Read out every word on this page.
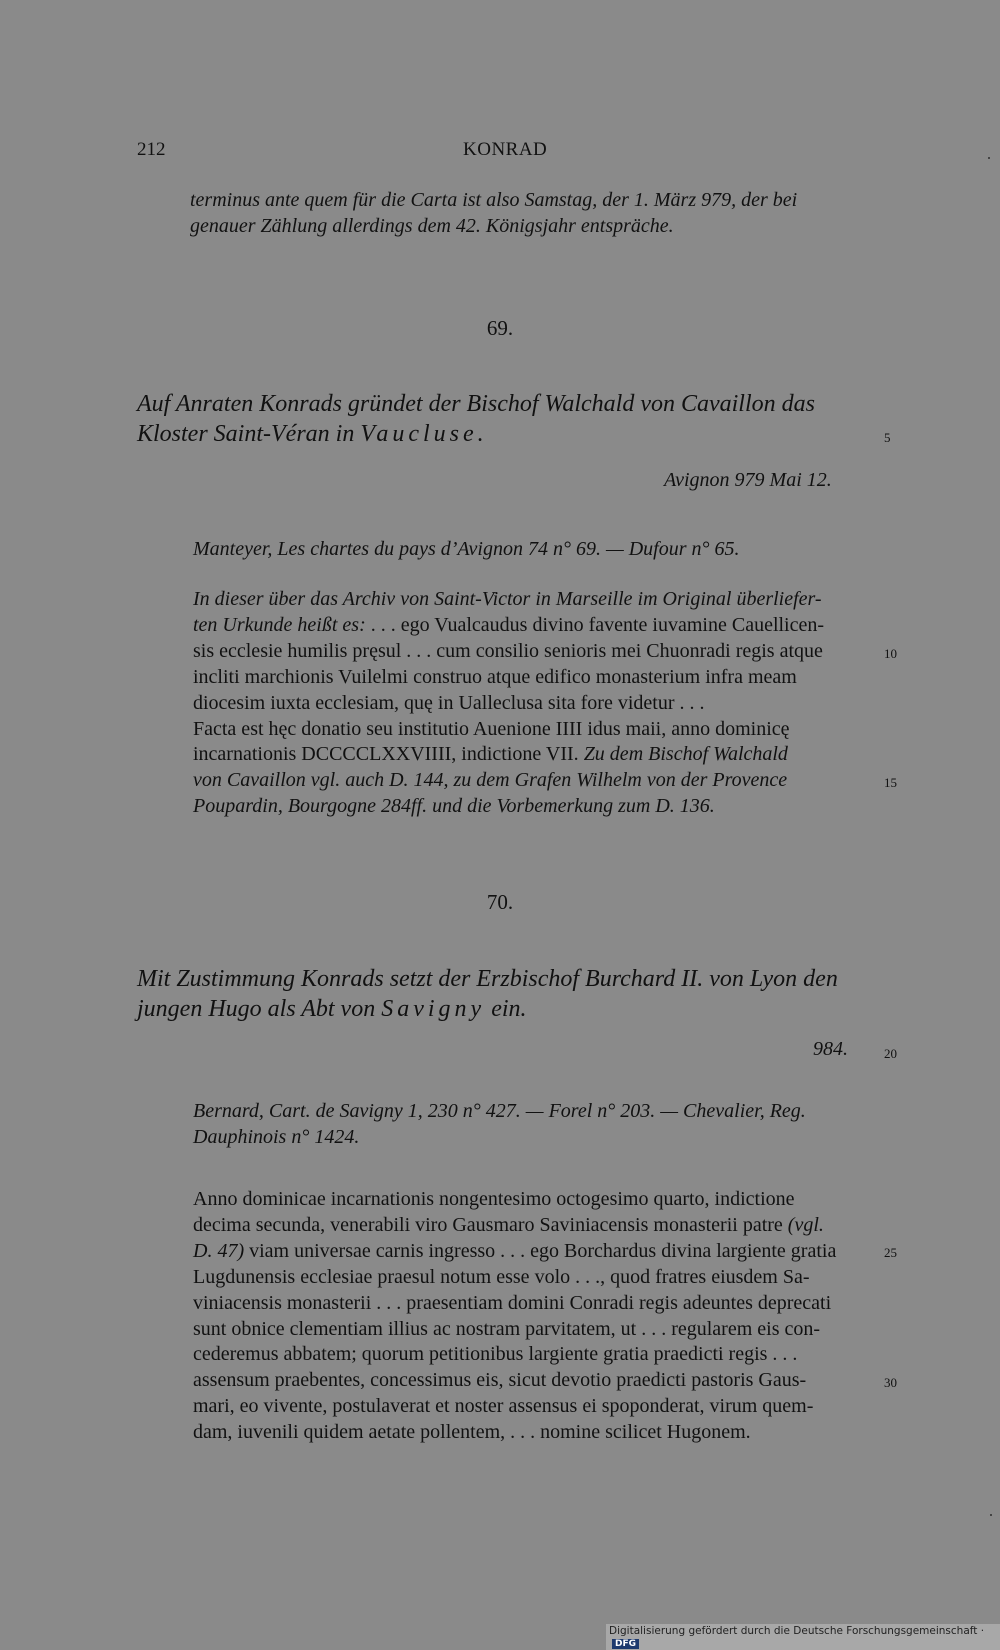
212	KONRAD
terminus ante quem für die Carta ist also Samstag, der 1. März 979, der bei
genauer Zählung allerdings dem 42. Königsjahr entspräche.
69.
Auf Anraten Konrads gründet der Bischof Walchald von Cavaillon das
Kloster Saint-Véran in Vaucluse.
Avignon 979 Mai 12.
Manteyer, Les chartes du pays d’Avignon 74 n° 69. — Dufour n° 65.
In dieser über das Archiv von Saint-Victor in Marseille im Original überliefer-
ten Urkunde heißt es: . . . ego Vualcaudus divino favente iuvamine Cauellicen-
sis ecclesie humilis pręsul . . . cum consilio senioris mei Chuonradi regis atque
incliti marchionis Vuilelmi construo atque edifico monasterium infra meam
diocesim iuxta ecclesiam, quę in Ualleclusa sita fore videtur . . .
Facta est hęc donatio seu institutio Auenione IIII idus maii, anno dominicę
incarnationis DCCCCLXXVIIII, indictione VII. Zu dem Bischof Walchald
von Cavaillon vgl. auch D. 144, zu dem Grafen Wilhelm von der Provence
Poupardin, Bourgogne 284ff. und die Vorbemerkung zum D. 136.
70.
Mit Zustimmung Konrads setzt der Erzbischof Burchard II. von Lyon den
jungen Hugo als Abt von Savigny ein.
984.
Bernard, Cart. de Savigny 1, 230 n° 427. — Forel n° 203. — Chevalier, Reg.
Dauphinois n° 1424.
Anno dominicae incarnationis nongentesimo octogesimo quarto, indictione
decima secunda, venerabili viro Gausmaro Saviniacensis monasterii patre (vgl.
D. 47) viam universae carnis ingresso . . . ego Borchardus divina largiente gratia
Lugdunensis ecclesiae praesul notum esse volo . . ., quod fratres eiusdem Sa-
viniacensis monasterii . . . praesentiam domini Conradi regis adeuntes deprecati
sunt obnice clementiam illius ac nostram parvitatem, ut . . . regularem eis con-
cederemus abbatem; quorum petitionibus largiente gratia praedicti regis . . .
assensum praebentes, concessimus eis, sicut devotio praedicti pastoris Gaus-
mari, eo vivente, postulaverat et noster assensus ei spoponderat, virum quem-
dam, iuvenili quidem aetate pollentem, . . . nomine scilicet Hugonem.
5
10
15
20
25
30
Digitalisierung gefördert durch die Deutsche Forschungsgemeinschaft ·DFG
